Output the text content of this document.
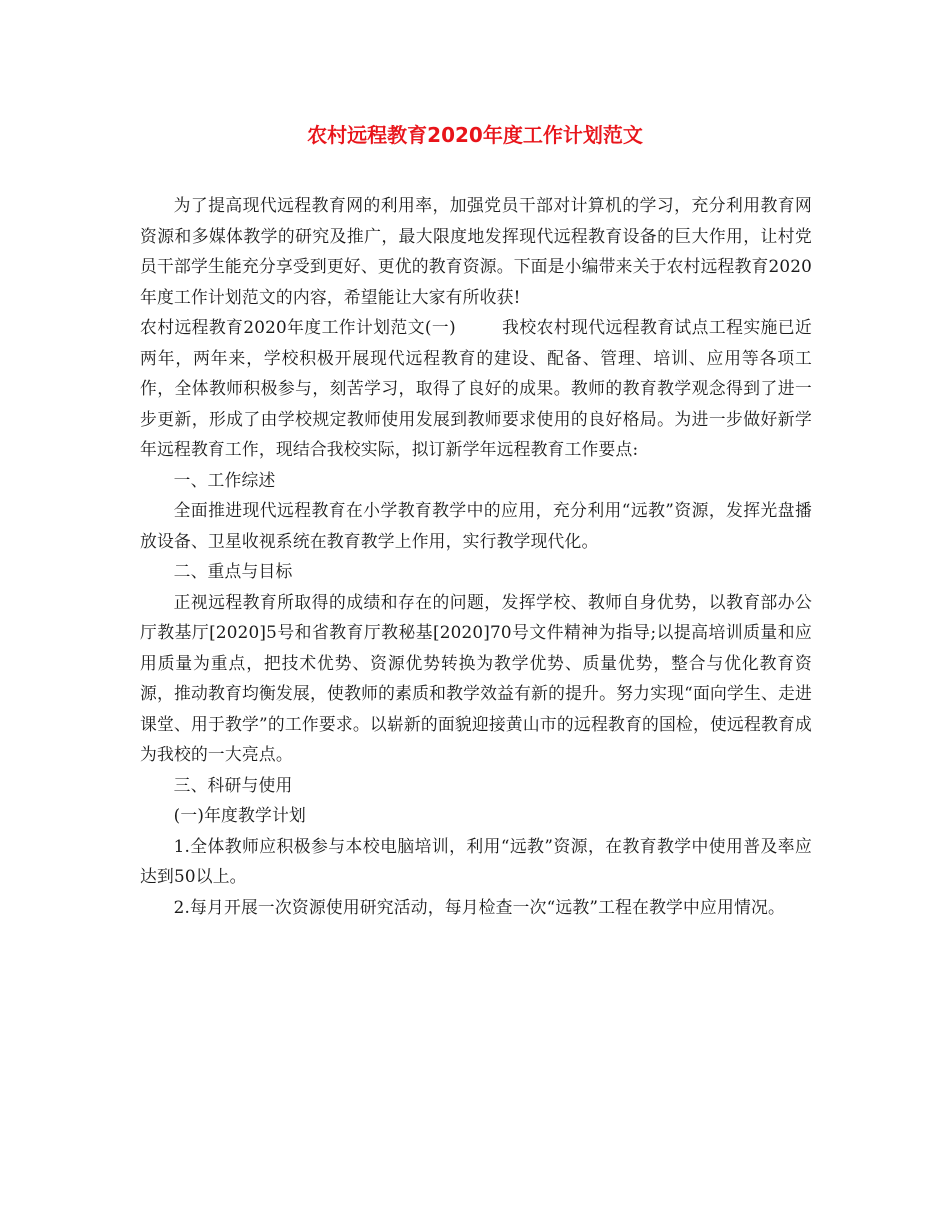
农村远程教育2020年度工作计划范文

为了提高现代远程教育网的利用率，加强党员干部对计算机的学习，充分利用教育网资源和多媒体教学的研究及推广，最大限度地发挥现代远程教育设备的巨大作用，让村党员干部学生能充分享受到更好、更优的教育资源。下面是小编带来关于农村远程教育2020年度工作计划范文的内容，希望能让大家有所收获!

农村远程教育2020年度工作计划范文(一)	我校农村现代远程教育试点工程实施已近两年，两年来，学校积极开展现代远程教育的建设、配备、管理、培训、应用等各项工作，全体教师积极参与，刻苦学习，取得了良好的成果。教师的教育教学观念得到了进一步更新，形成了由学校规定教师使用发展到教师要求使用的良好格局。为进一步做好新学年远程教育工作，现结合我校实际，拟订新学年远程教育工作要点:

一、工作综述

全面推进现代远程教育在小学教育教学中的应用，充分利用“远教”资源，发挥光盘播放设备、卫星收视系统在教育教学上作用，实行教学现代化。

二、重点与目标

正视远程教育所取得的成绩和存在的问题，发挥学校、教师自身优势，以教育部办公厅教基厅[2020]5号和省教育厅教秘基[2020]70号文件精神为指导;以提高培训质量和应用质量为重点，把技术优势、资源优势转换为教学优势、质量优势，整合与优化教育资源，推动教育均衡发展，使教师的素质和教学效益有新的提升。努力实现“面向学生、走进课堂、用于教学”的工作要求。以崭新的面貌迎接黄山市的远程教育的国检，使远程教育成为我校的一大亮点。

三、科研与使用

(一)年度教学计划

1.全体教师应积极参与本校电脑培训，利用“远教”资源，在教育教学中使用普及率应达到50以上。

2.每月开展一次资源使用研究活动，每月检查一次“远教”工程在教学中应用情况。
